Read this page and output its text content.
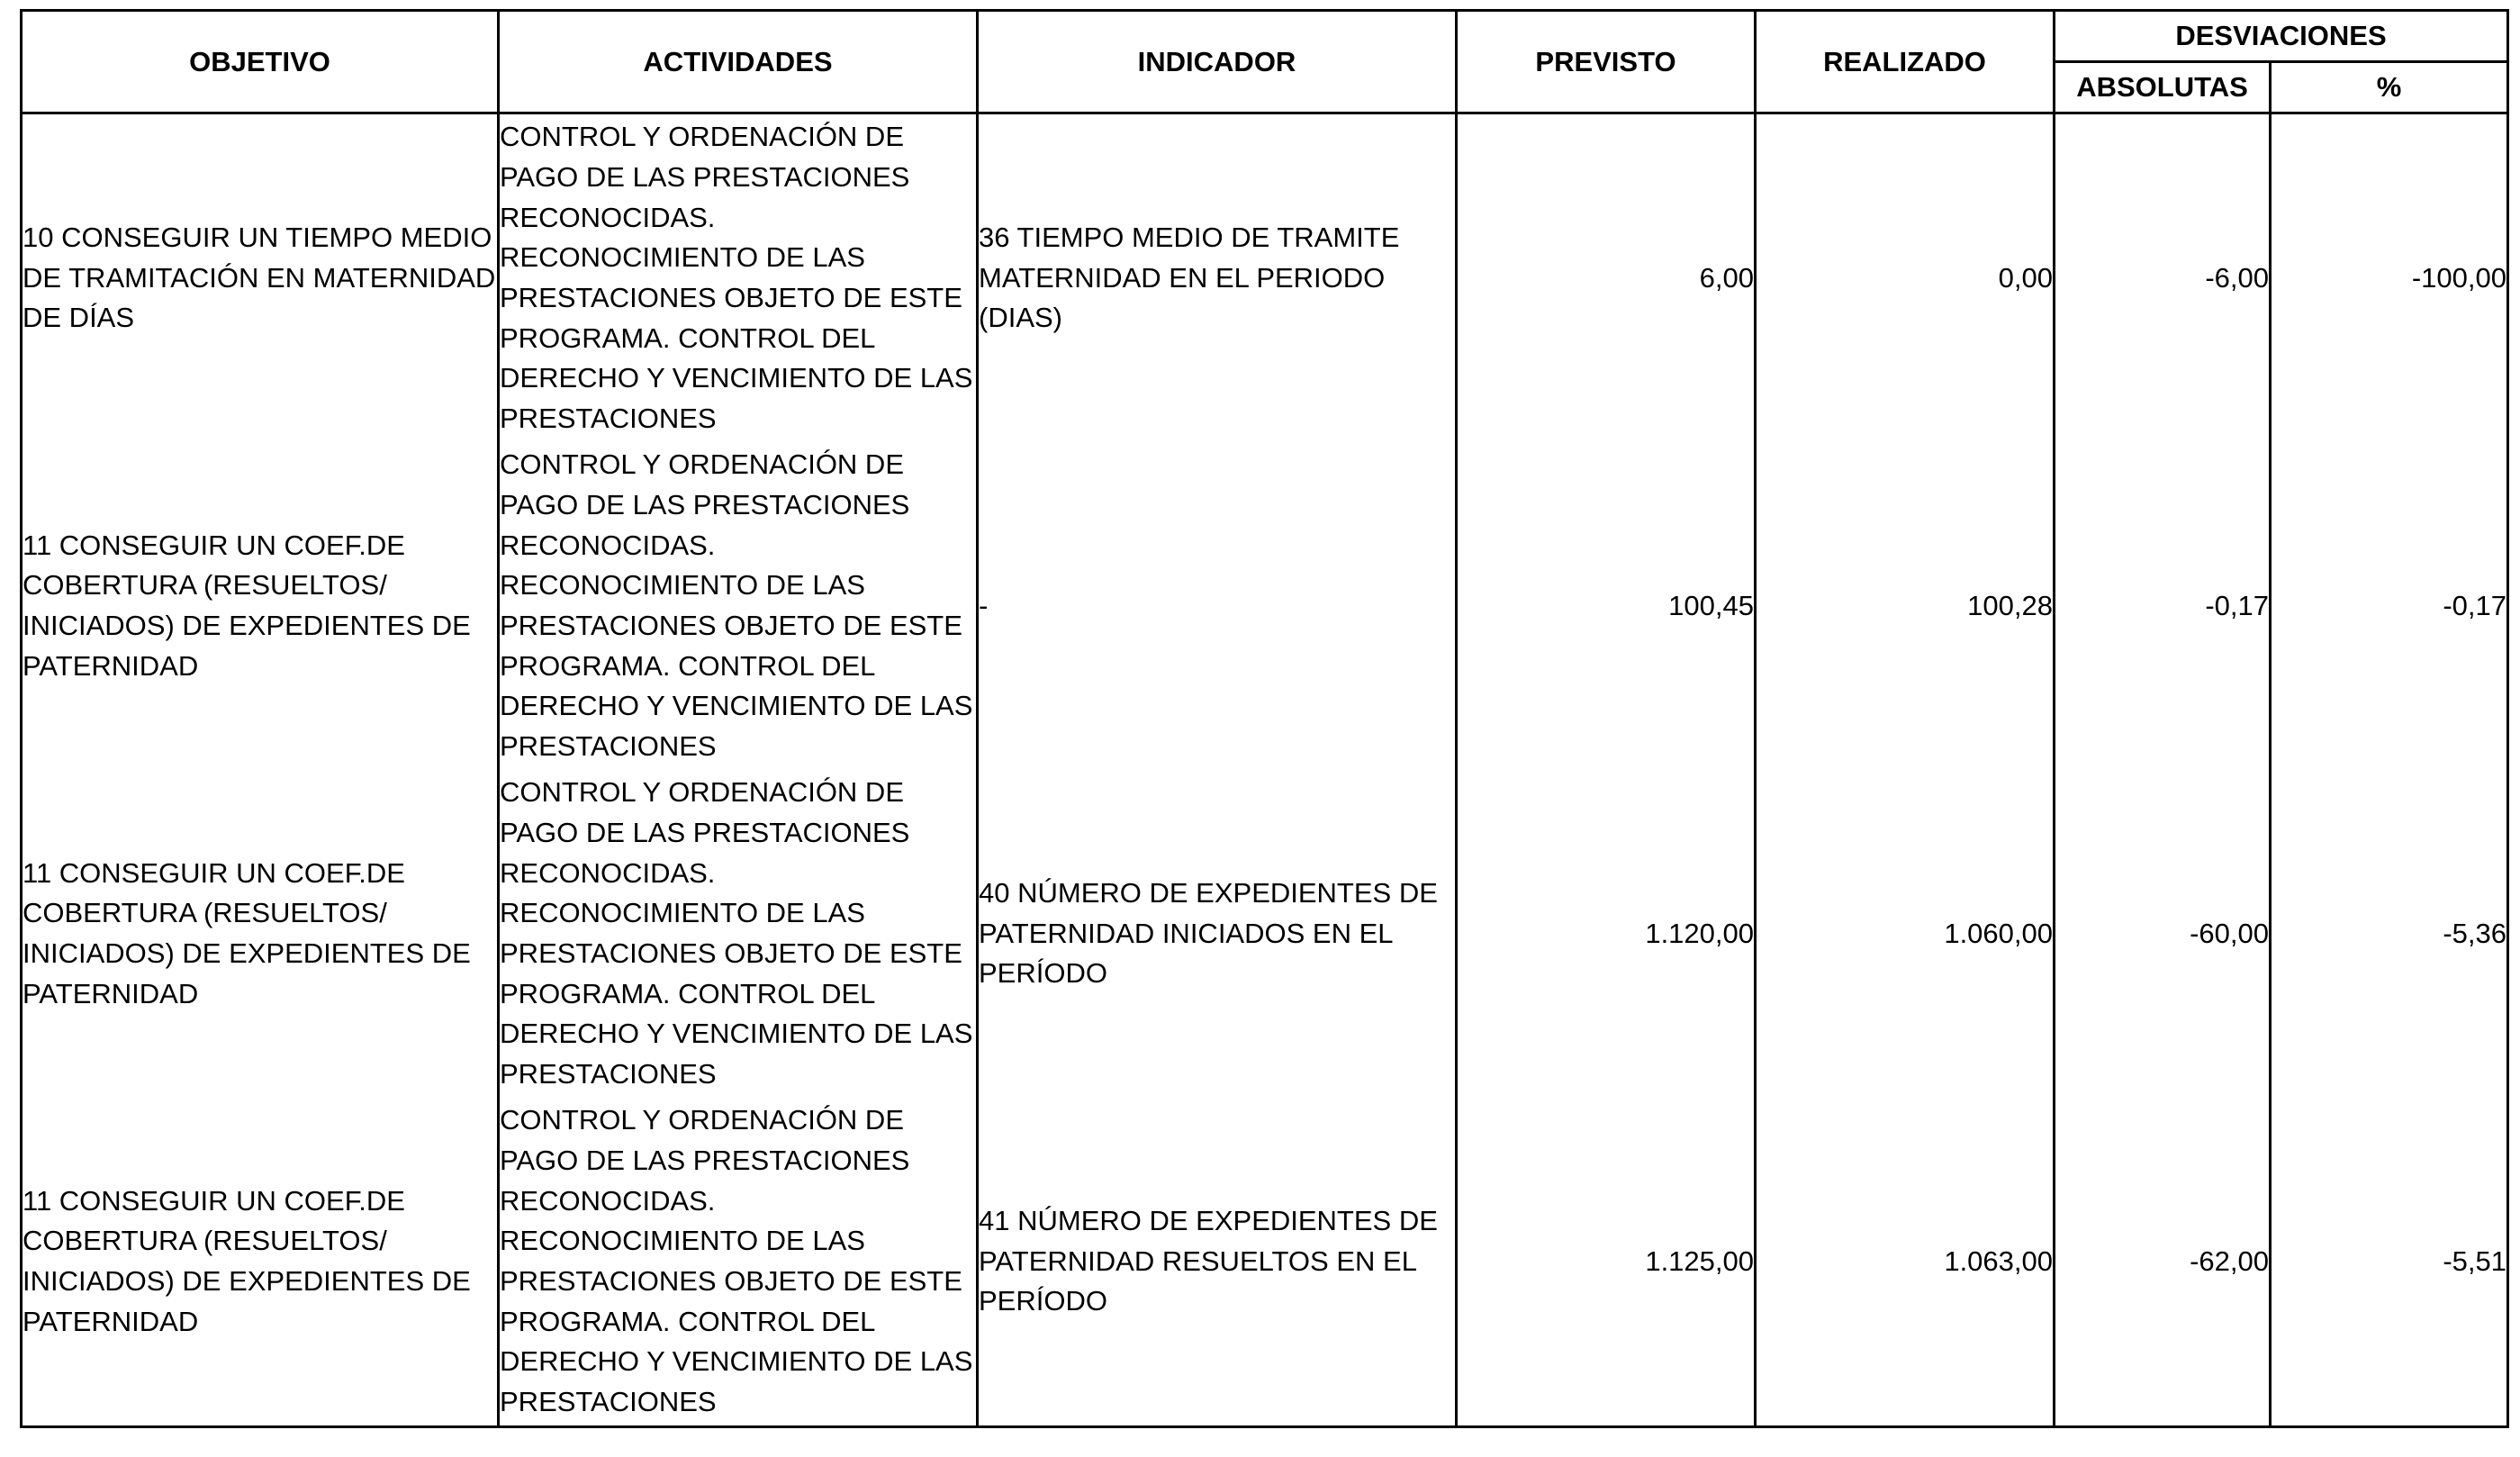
OBJETIVO	ACTIVIDADES	INDICADOR	PREVISTO	REALIZADO	DESVIACIONES	
					ABSOLUTAS	%
10 CONSEGUIR UN TIEMPO MEDIO DE TRAMITACIÓN EN MATERNIDAD DE DÍAS	CONTROL Y ORDENACIÓN DE PAGO DE LAS PRESTACIONES RECONOCIDAS. RECONOCIMIENTO DE LAS PRESTACIONES OBJETO DE ESTE PROGRAMA. CONTROL DEL DERECHO Y VENCIMIENTO DE LAS PRESTACIONES	36 TIEMPO MEDIO DE TRAMITE MATERNIDAD EN EL PERIODO (DIAS)	6,00	0,00	-6,00	-100,00
11 CONSEGUIR UN COEF.DE COBERTURA (RESUELTOS/ INICIADOS) DE EXPEDIENTES DE PATERNIDAD	CONTROL Y ORDENACIÓN DE PAGO DE LAS PRESTACIONES RECONOCIDAS. RECONOCIMIENTO DE LAS PRESTACIONES OBJETO DE ESTE PROGRAMA. CONTROL DEL DERECHO Y VENCIMIENTO DE LAS PRESTACIONES	-	100,45	100,28	-0,17	-0,17
11 CONSEGUIR UN COEF.DE COBERTURA (RESUELTOS/ INICIADOS) DE EXPEDIENTES DE PATERNIDAD	CONTROL Y ORDENACIÓN DE PAGO DE LAS PRESTACIONES RECONOCIDAS. RECONOCIMIENTO DE LAS PRESTACIONES OBJETO DE ESTE PROGRAMA. CONTROL DEL DERECHO Y VENCIMIENTO DE LAS PRESTACIONES	40 NÚMERO DE EXPEDIENTES DE PATERNIDAD INICIADOS EN EL PERÍODO	1.120,00	1.060,00	-60,00	-5,36
11 CONSEGUIR UN COEF.DE COBERTURA (RESUELTOS/ INICIADOS) DE EXPEDIENTES DE PATERNIDAD	CONTROL Y ORDENACIÓN DE PAGO DE LAS PRESTACIONES RECONOCIDAS. RECONOCIMIENTO DE LAS PRESTACIONES OBJETO DE ESTE PROGRAMA. CONTROL DEL DERECHO Y VENCIMIENTO DE LAS PRESTACIONES	41 NÚMERO DE EXPEDIENTES DE PATERNIDAD RESUELTOS EN EL PERÍODO	1.125,00	1.063,00	-62,00	-5,51
